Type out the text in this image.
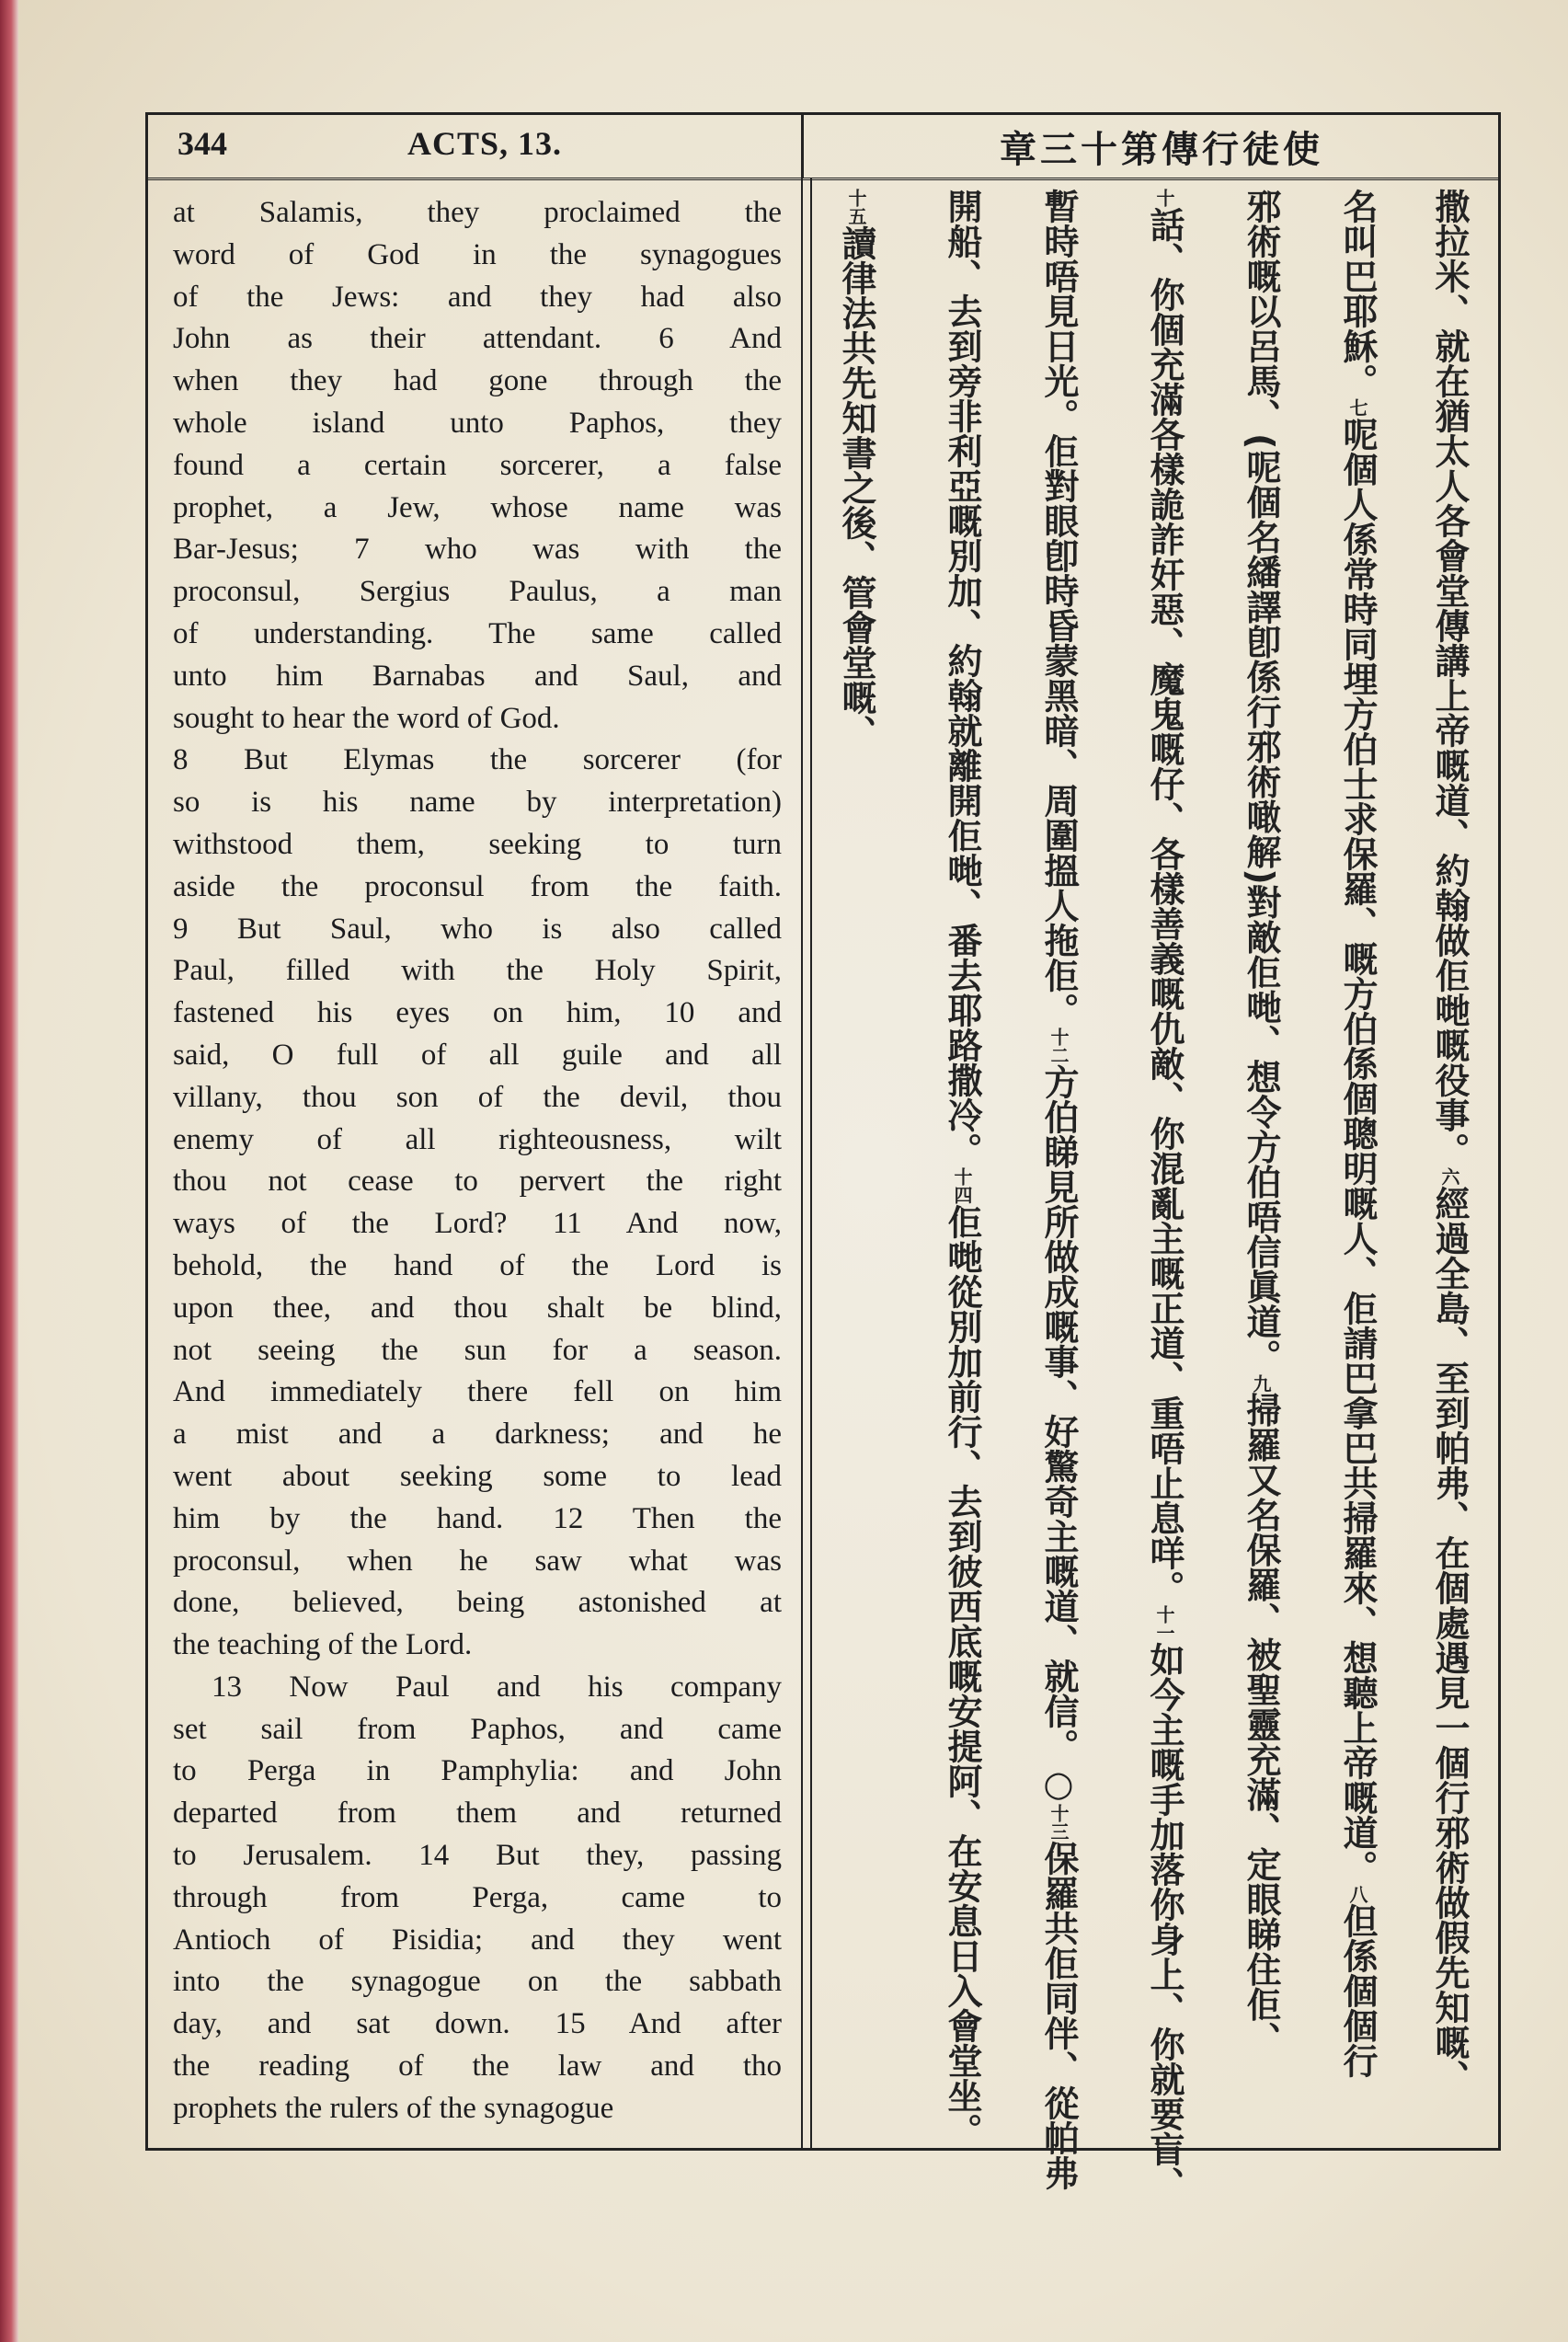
344	ACTS, 13.	使徒行傳第十三章
at Salamis, they proclaimed the
word of God in the synagogues
of the Jews: and they had also
John as their attendant. 6 And
when they had gone through the
whole island unto Paphos, they
found a certain sorcerer, a false
prophet, a Jew, whose name was
Bar-Jesus; 7 who was with the
proconsul, Sergius Paulus, a man
of understanding. The same called
unto him Barnabas and Saul, and
sought to hear the word of God.
8 But Elymas the sorcerer (for
so is his name by interpretation)
withstood them, seeking to turn
aside the proconsul from the faith.
9 But Saul, who is also called
Paul, filled with the Holy Spirit,
fastened his eyes on him, 10 and
said, O full of all guile and all
villany, thou son of the devil, thou
enemy of all righteousness, wilt
thou not cease to pervert the right
ways of the Lord? 11 And now,
behold, the hand of the Lord is
upon thee, and thou shalt be blind,
not seeing the sun for a season.
And immediately there fell on him
a mist and a darkness; and he
went about seeking some to lead
him by the hand. 12 Then the
proconsul, when he saw what was
done, believed, being astonished at
the teaching of the Lord.
13 Now Paul and his company
set sail from Paphos, and came
to Perga in Pamphylia: and John
departed from them and returned
to Jerusalem. 14 But they, passing
through from Perga, came to
Antioch of Pisidia; and they went
into the synagogue on the sabbath
day, and sat down. 15 And after
the reading of the law and tho
prophets the rulers of the synagogue
撒拉米、就在猶太人各會堂傳講上帝嘅道、約翰做佢哋嘅役事。六經過全島、至到帕弗、在個處遇見一個行邪術做假先知嘅、
名叫巴耶穌。七呢個人係常時同埋方伯士求保羅、嘅方伯係個聰明嘅人、佢請巴拿巴共掃羅來、想聽上帝嘅道。八但係個個行
邪術嘅以呂馬、(呢個名繙譯卽係行邪術噉解)對敵佢哋、想令方伯唔信眞道。九掃羅又名保羅、被聖靈充滿、定眼睇住佢、
十話、你個充滿各樣詭詐奸惡、魔鬼嘅仔、各樣善義嘅仇敵、你混亂主嘅正道、重唔止息咩。十一如今主嘅手加落你身上、你就要盲、
暫時唔見日光。佢對眼卽時昏蒙黑暗、周圍搵人拖佢。十二方伯睇見所做成嘅事、好驚奇主嘅道、就信。○十三保羅共佢同伴、從帕弗
開船、去到旁非利亞嘅別加、約翰就離開佢哋、番去耶路撒冷。十四佢哋從別加前行、去到彼西底嘅安提阿、在安息日入會堂坐。
十五讀律法共先知書之後、管會堂嘅、
